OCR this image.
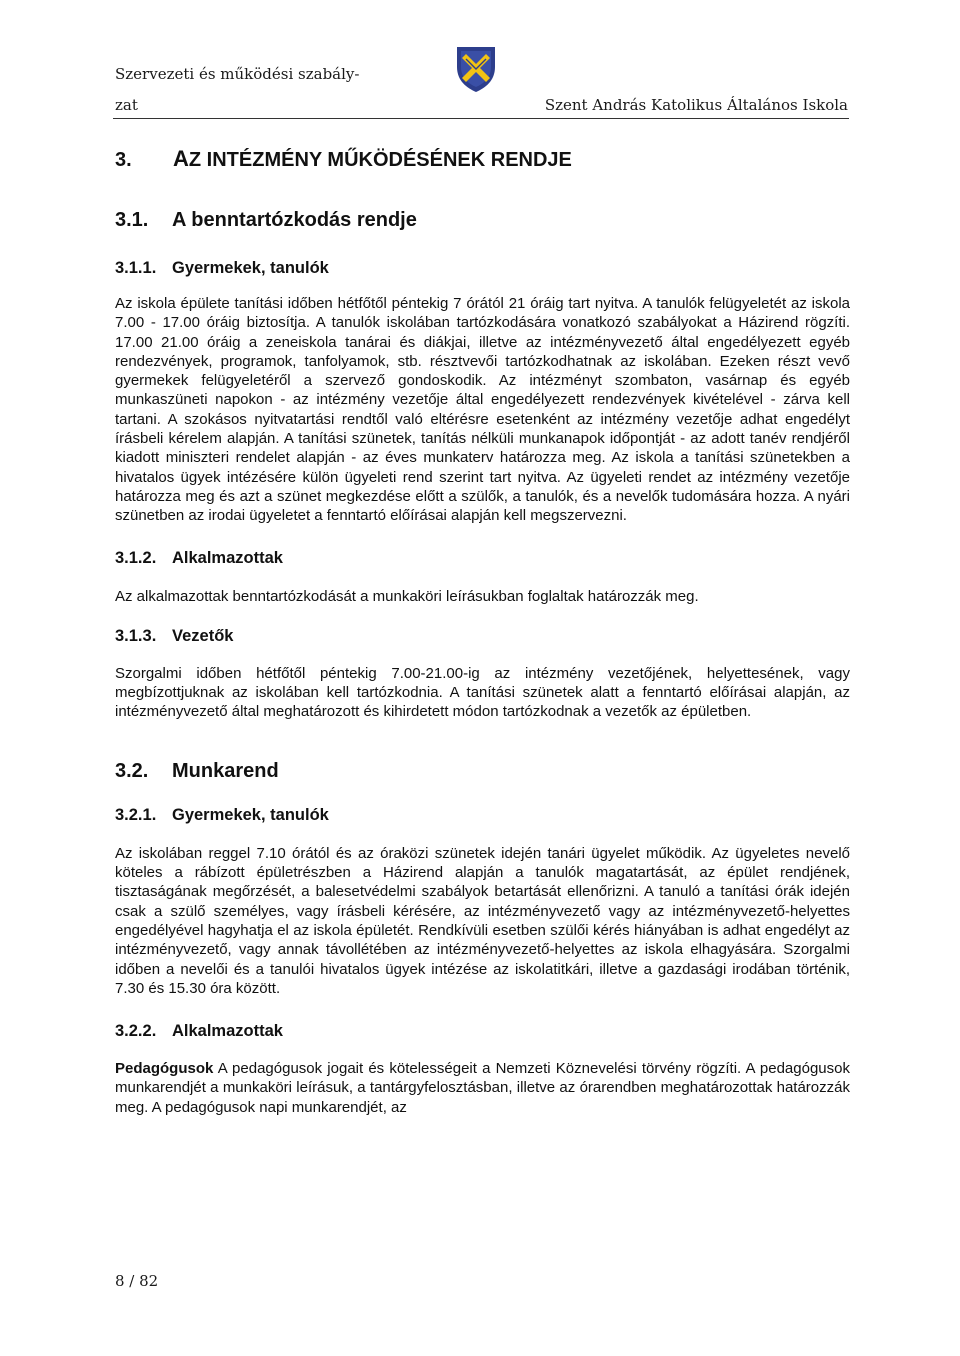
Szervezeti és működési szabály-
zat	Szent András Katolikus Általános Iskola
3. AZ INTÉZMÉNY MŰKÖDÉSÉNEK RENDJE
3.1. A benntartózkodás rendje
3.1.1. Gyermekek, tanulók

Az iskola épülete tanítási időben hétfőtől péntekig 7 órától 21 óráig tart nyitva. A tanulók felügyeletét az iskola 7.00 - 17.00 óráig biztosítja. A tanulók iskolában tartózkodására vonatkozó szabályokat a Házirend rögzíti. 17.00 21.00 óráig a zeneiskola tanárai és diákjai, illetve az intézményvezető által engedélyezett egyéb rendezvények, programok, tanfolyamok, stb. résztvevői tartózkodhatnak az iskolában. Ezeken részt vevő gyermekek felügyeletéről a szervező gondoskodik. Az intézményt szombaton, vasárnap és egyéb munkaszüneti napokon - az intézmény vezetője által engedélyezett rendezvények kivételével - zárva kell tartani. A szokásos nyitvatartási rendtől való eltérésre esetenként az intézmény vezetője adhat engedélyt írásbeli kérelem alapján. A tanítási szünetek, tanítás nélküli munkanapok időpontját - az adott tanév rendjéről kiadott miniszteri rendelet alapján - az éves munkaterv határozza meg. Az iskola a tanítási szünetekben a hivatalos ügyek intézésére külön ügyeleti rend szerint tart nyitva. Az ügyeleti rendet az intézmény vezetője határozza meg és azt a szünet megkezdése előtt a szülők, a tanulók, és a nevelők tudomására hozza. A nyári szünetben az irodai ügyeletet a fenntartó előírásai alapján kell megszervezni.

3.1.2. Alkalmazottak

Az alkalmazottak benntartózkodását a munkaköri leírásukban foglaltak határozzák meg.

3.1.3. Vezetők

Szorgalmi időben hétfőtől péntekig 7.00-21.00-ig az intézmény vezetőjének, helyettesének, vagy megbízottjuknak az iskolában kell tartózkodnia. A tanítási szünetek alatt a fenntartó előírásai alapján, az intézményvezető által meghatározott és kihirdetett módon tartózkodnak a vezetők az épületben.

3.2. Munkarend
3.2.1. Gyermekek, tanulók

Az iskolában reggel 7.10 órától és az óraközi szünetek idején tanári ügyelet működik. Az ügyeletes nevelő köteles a rábízott épületrészben a Házirend alapján a tanulók magatartását, az épület rendjének, tisztaságának megőrzését, a balesetvédelmi szabályok betartását ellenőrizni. A tanuló a tanítási órák idején csak a szülő személyes, vagy írásbeli kérésére, az intézményvezető vagy az intézményvezető-helyettes engedélyével hagyhatja el az iskola épületét. Rendkívüli esetben szülői kérés hiányában is adhat engedélyt az intézményvezető, vagy annak távollétében az intézményvezető-helyettes az iskola elhagyására. Szorgalmi időben a nevelői és a tanulói hivatalos ügyek intézése az iskolatitkári, illetve a gazdasági irodában történik, 7.30 és 15.30 óra között.

3.2.2. Alkalmazottak

Pedagógusok A pedagógusok jogait és kötelességeit a Nemzeti Köznevelési törvény rögzíti. A pedagógusok munkarendjét a munkaköri leírásuk, a tantárgyfelosztásban, illetve az órarendben meghatározottak határozzák meg. A pedagógusok napi munkarendjét, az

8 / 82
